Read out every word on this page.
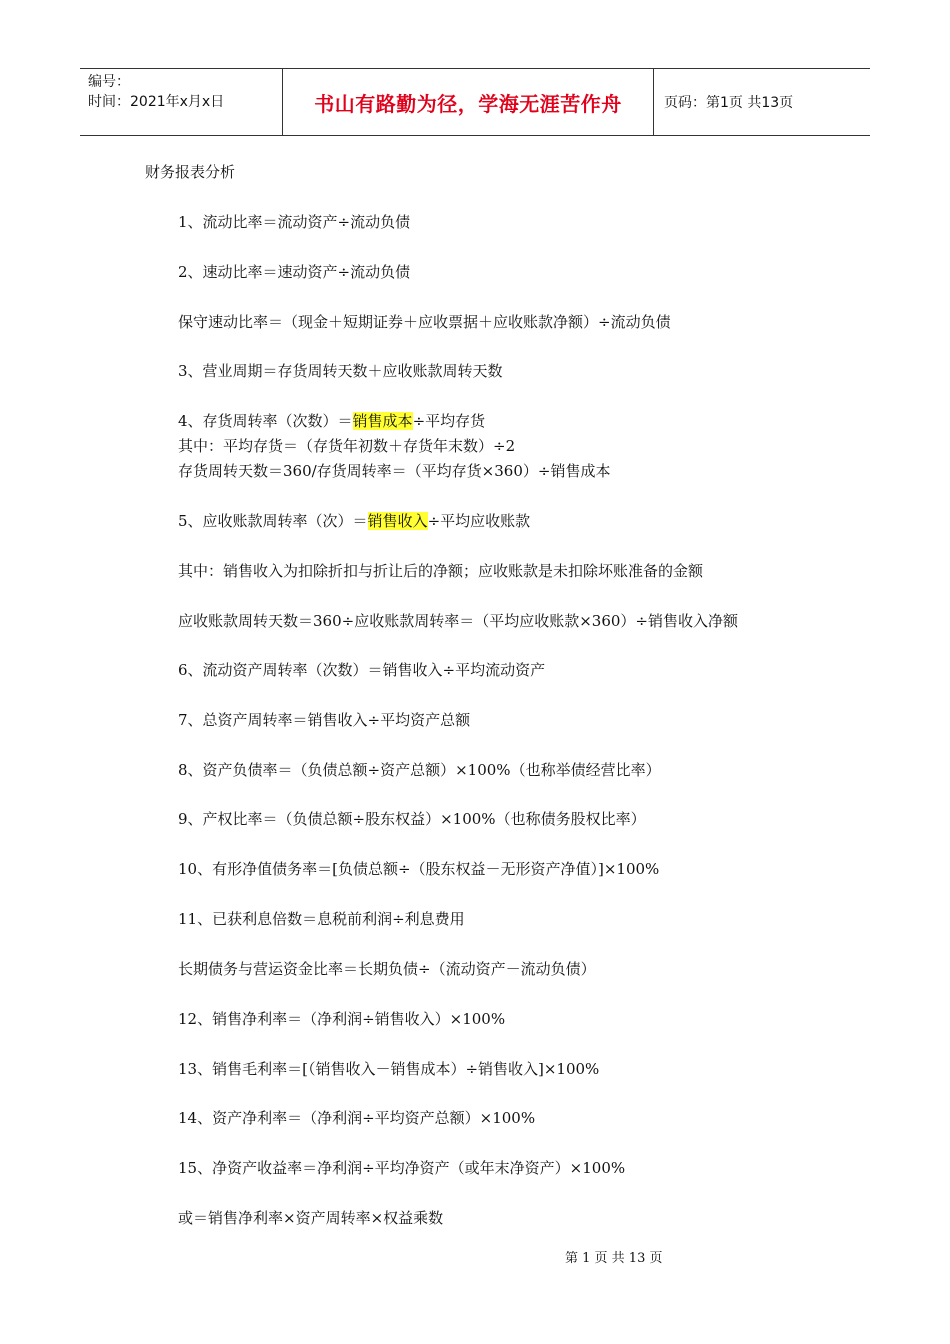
编号：
时间：2021年x月x日	书山有路勤为径，学海无涯苦作舟	页码：第1页 共13页
财务报表分析
1、流动比率＝流动资产÷流动负债
2、速动比率＝速动资产÷流动负债
保守速动比率＝（现金＋短期证券＋应收票据＋应收账款净额）÷流动负债
3、营业周期＝存货周转天数＋应收账款周转天数
4、存货周转率（次数）＝销售成本÷平均存货
其中：平均存货＝（存货年初数＋存货年末数）÷2
存货周转天数＝360/存货周转率＝（平均存货×360）÷销售成本
5、应收账款周转率（次）＝销售收入÷平均应收账款
其中：销售收入为扣除折扣与折让后的净额；应收账款是未扣除坏账准备的金额
应收账款周转天数＝360÷应收账款周转率＝（平均应收账款×360）÷销售收入净额
6、流动资产周转率（次数）＝销售收入÷平均流动资产
7、总资产周转率＝销售收入÷平均资产总额
8、资产负债率＝（负债总额÷资产总额）×100%（也称举债经营比率）
9、产权比率＝（负债总额÷股东权益）×100%（也称债务股权比率）
10、有形净值债务率＝[负债总额÷（股东权益－无形资产净值）]×100%
11、已获利息倍数＝息税前利润÷利息费用
长期债务与营运资金比率＝长期负债÷（流动资产－流动负债）
12、销售净利率＝（净利润÷销售收入）×100%
13、销售毛利率＝[（销售收入－销售成本）÷销售收入]×100%
14、资产净利率＝（净利润÷平均资产总额）×100%
15、净资产收益率＝净利润÷平均净资产（或年末净资产）×100%
或＝销售净利率×资产周转率×权益乘数
第 1 页 共 13 页
